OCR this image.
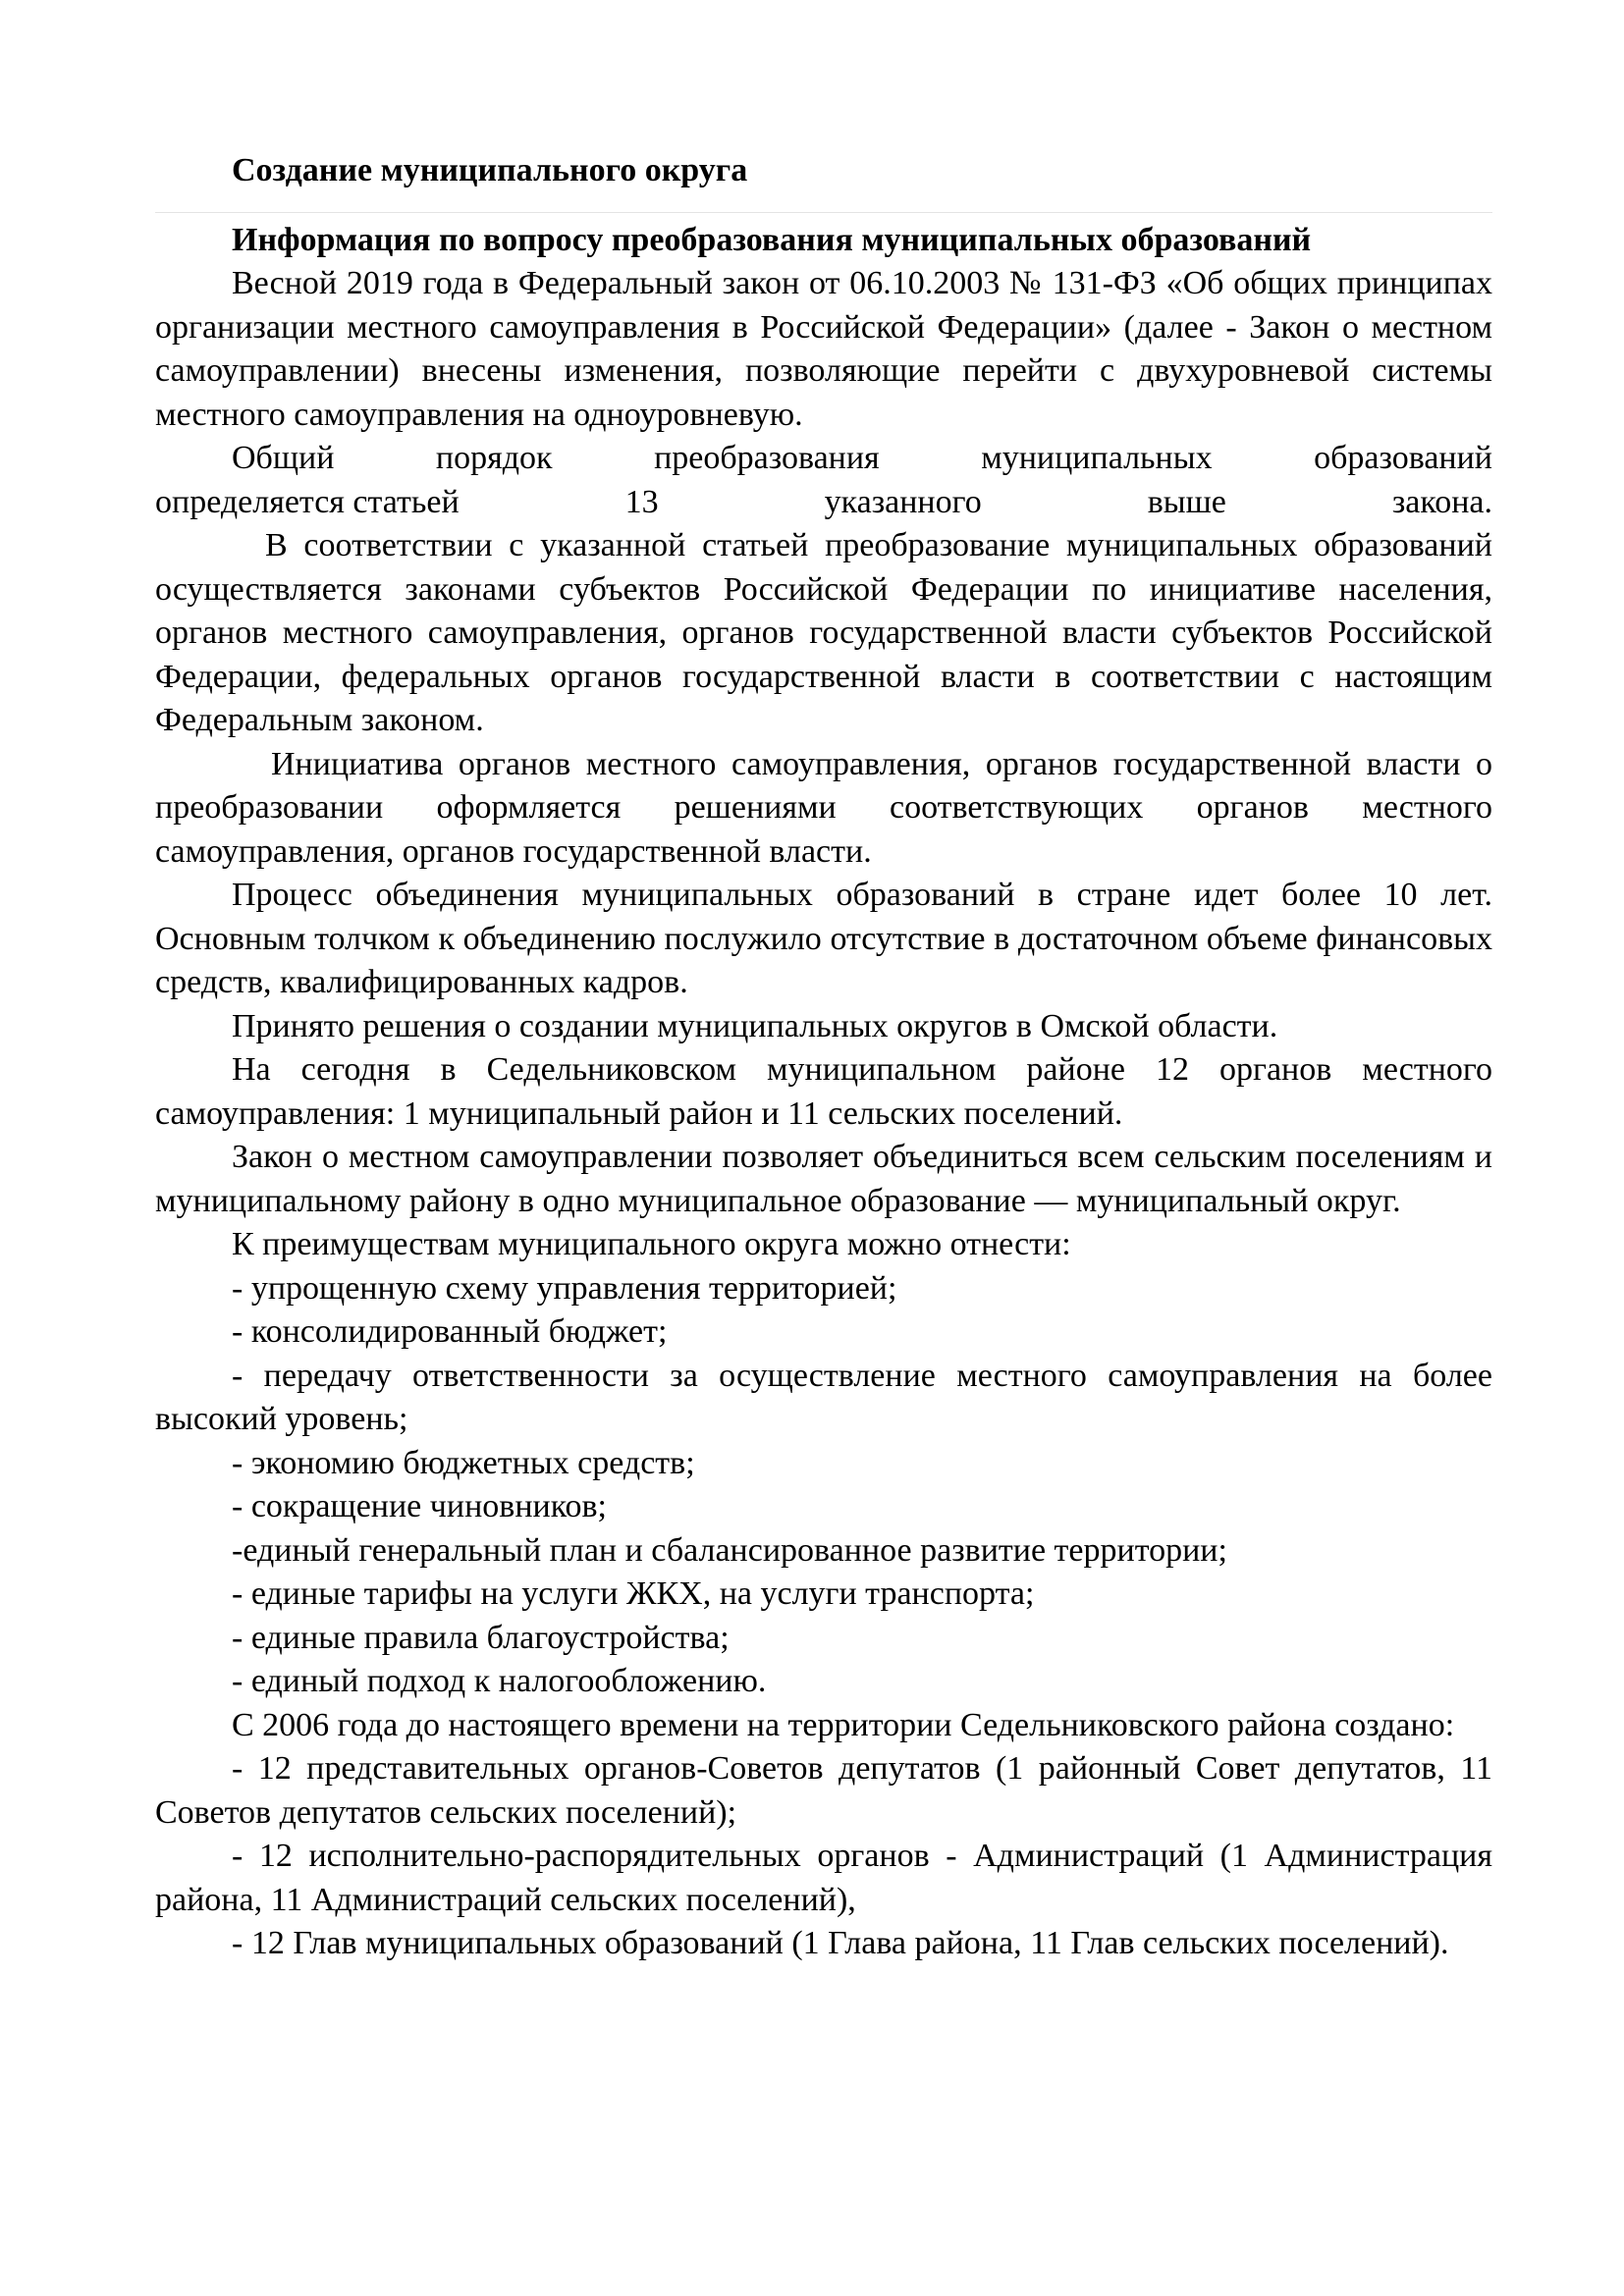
Создание муниципального округа
Информация по вопросу преобразования муниципальных образований

Весной 2019 года в Федеральный закон от 06.10.2003 № 131-ФЗ «Об общих принципах организации местного самоуправления в Российской Федерации» (далее - Закон о местном самоуправлении) внесены изменения, позволяющие перейти с двухуровневой системы местного самоуправления на одноуровневую.

Общий порядок преобразования муниципальных образований

определяется статьей	13	указанного	выше	закона.

В соответствии с указанной статьей преобразование муниципальных образований осуществляется законами субъектов Российской Федерации по инициативе населения, органов местного самоуправления, органов государственной власти субъектов Российской Федерации, федеральных органов государственной власти в соответствии с настоящим Федеральным законом.

Инициатива органов местного самоуправления, органов государственной власти о преобразовании оформляется решениями соответствующих органов местного самоуправления, органов государственной власти.

Процесс объединения муниципальных образований в стране идет более 10 лет. Основным толчком к объединению послужило отсутствие в достаточном объеме финансовых средств, квалифицированных кадров.

Принято решения о создании муниципальных округов в Омской области.

На сегодня в Седельниковском муниципальном районе 12 органов местного самоуправления: 1 муниципальный район и 11 сельских поселений.

Закон о местном самоуправлении позволяет объединиться всем сельским поселениям и муниципальному району в одно муниципальное образование — муниципальный округ.

К преимуществам муниципального округа можно отнести:

- упрощенную схему управления территорией;

- консолидированный бюджет;

- передачу ответственности за осуществление местного самоуправления на более высокий уровень;

- экономию бюджетных средств;

- сокращение чиновников;

-единый генеральный план и сбалансированное развитие территории;

- единые тарифы на услуги ЖКХ, на услуги транспорта;

- единые правила благоустройства;

- единый подход к налогообложению.

С 2006 года до настоящего времени на территории Седельниковского района создано:

- 12 представительных органов-Советов депутатов (1 районный Совет депутатов, 11 Советов депутатов сельских поселений);

- 12 исполнительно-распорядительных органов - Администраций (1 Администрация района, 11 Администраций сельских поселений),

- 12 Глав муниципальных образований (1 Глава района, 11 Глав сельских поселений).
